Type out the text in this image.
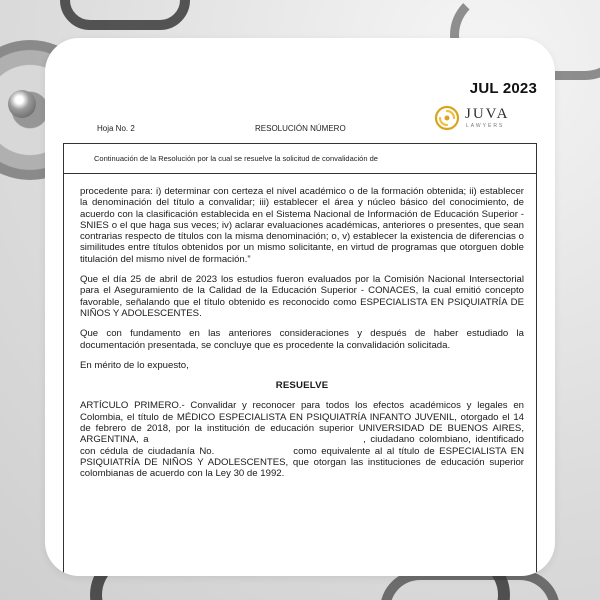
JUL 2023
JUVA
LAWYERS
Hoja No. 2	RESOLUCIÓN NÚMERO
Continuación de la Resolución por la cual se resuelve la solicitud de convalidación de

procedente para: i) determinar con certeza el nivel académico o de la formación obtenida; ii) establecer la denominación del título a convalidar; iii) establecer el área y núcleo básico del conocimiento, de acuerdo con la clasificación establecida en el Sistema Nacional de Información de Educación Superior - SNIES o el que haga sus veces; iv) aclarar evaluaciones académicas, anteriores o presentes, que sean contrarias respecto de títulos con la misma denominación; o, v) establecer la existencia de diferencias o similitudes entre títulos obtenidos por un mismo solicitante, en virtud de programas que otorguen doble titulación del mismo nivel de formación.”

Que el día 25 de abril de 2023 los estudios fueron evaluados por la Comisión Nacional Intersectorial para el Aseguramiento de la Calidad de la Educación Superior - CONACES, la cual emitió concepto favorable, señalando que el título obtenido es reconocido como ESPECIALISTA EN PSIQUIATRÍA DE NIÑOS Y ADOLESCENTES.

Que con fundamento en las anteriores consideraciones y después de haber estudiado la documentación presentada, se concluye que es procedente la convalidación solicitada.

En mérito de lo expuesto,

RESUELVE

ARTÍCULO PRIMERO.- Convalidar y reconocer para todos los efectos académicos y legales en Colombia, el título de MÉDICO ESPECIALISTA EN PSIQUIATRÍA INFANTO JUVENIL, otorgado el 14 de febrero de 2018, por la institución de educación superior UNIVERSIDAD DE BUENOS AIRES, ARGENTINA, a	, ciudadano colombiano, identificado con cédula de ciudadanía No.	como equivalente al al título de ESPECIALISTA EN PSIQUIATRÍA DE NIÑOS Y ADOLESCENTES, que otorgan las instituciones de educación superior colombianas de acuerdo con la Ley 30 de 1992.
